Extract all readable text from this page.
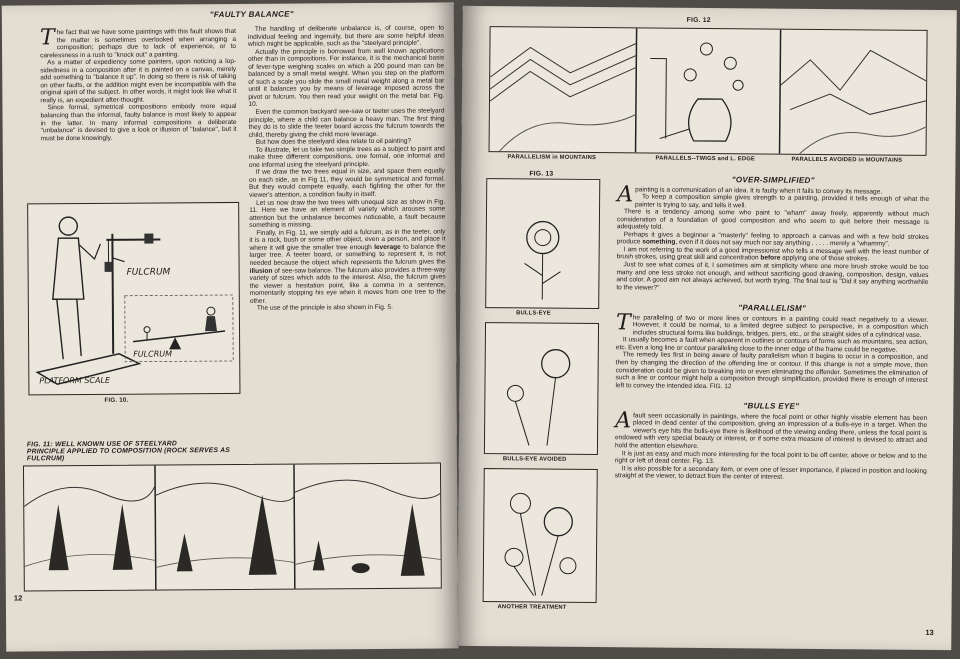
"FAULTY BALANCE"

The fact that we have some paintings with this fault shows that the matter is sometimes overlooked when arranging a composition; perhaps due to lack of experience, or to carelessness in a rush to "knock out" a painting.

As a matter of expediency some painters, upon noticing a lop-sidedness in a composition after it is painted on a canvas, merely add something to "balance it up". In doing so there is risk of taking on other faults, or the addition might even be incompatible with the original spirit of the subject. In other words, it might look like what it really is, an expedient after-thought.

Since formal, symetrical compositions embody more equal balancing than the informal, faulty balance is most likely to appear in the latter. In many informal compositions a deliberate "unbalance" is devised to give a look or illusion of "balance", but it must be done knowingly.

The handling of deliberate unbalance is, of course, open to individual feeling and ingenuity, but there are some helpful ideas which might be applicable, such as the "steelyard principle".

Actually the principle is borrowed from well known applications other than in compositions. For instance, it is the mechanical basis of lever-type weighing scales on which a 200 pound man can be balanced by a small metal weight. When you step on the platform of such a scale you slide the small metal weight along a metal bar until it balances you by means of leverage imposed across the pivot or fulcrum. You then read your weight on the metal bar. Fig. 10.

Even the common backyard see-saw or teeter uses the steelyard principle, where a child can balance a heavy man. The first thing they do is to slide the teeter board across the fulcrum towards the child, thereby giving the child more leverage.

But how does the steelyard idea relate to oil painting?

To illustrate, let us take two simple trees as a subject to paint and make three different compositions, one formal, one informal and one informal using the steelyard principle.

If we draw the two trees equal in size, and space them equally on each side, as in Fig 11, they would be symmetrical and formal. But they would compete equally, each fighting the other for the viewer's attention, a condition faulty in itself.

Let us now draw the two trees with unequal size as show in Fig. 11. Here we have an element of variety which arouses some attention but the unbalance becomes noticeable, a fault because something is missing.

Finally, in Fig. 11, we simply add a fulcrum, as in the teeter, only it is a rock, bush or some other object, even a person, and place it where it will give the smaller tree enough leverage to balance the larger tree. A teeter board, or something to represent it, is not needed because the object which represents the fulcrum gives the illusion of see-saw balance. The fulcrum also provides a three-way variety of sizes which adds to the interest. Also, the fulcrum gives the viewer a hesitation point, like a comma in a sentence, momentarily stopping his eye when it moves from one tree to the other.

The use of the principle is also shown in Fig. 5.

FULCRUM
FULCRUM
PLATFORM SCALE
FIG. 10.
FIG. 11: WELL KNOWN USE OF STEELYARD
PRINCIPLE APPLIED TO COMPOSITION (ROCK SERVES AS FULCRUM)
12
FIG. 12
PARALLELISM in MOUNTAINS	PARALLELS--TWIGS and L. EDGE	PARALLELS AVOIDED in MOUNTAINS
FIG. 13
BULLS-EYE
BULLS-EYE AVOIDED
ANOTHER TREATMENT
"OVER-SIMPLIFIED"

A painting is a communication of an idea. It is faulty when it fails to convey its message.

To keep a composition simple gives strength to a painting, provided it tells enough of what the painter is trying to say, and tells it well.

There is a tendency among some who paint to "wham" away freely, apparently without much consideration of a foundation of good composition and who seem to quit before their message is adequately told.

Perhaps it gives a beginner a "masterly" feeling to approach a canvas and with a few bold strokes produce something, even if it does not say much nor say anything . . . . . merely a "whammy".

I am not referring to the work of a good impressionist who tells a message well with the least number of brush strokes, using great skill and concentration before applying one of those strokes.

Just to see what comes of it, I sometimes aim at simplicity where one more brush stroke would be too many and one less stroke not enough, and without sacrificing good drawing, composition, design, values and color. A good aim not always achieved, but worth trying. The final test is "Did it say anything worthwhile to the viewer?"

"PARALLELISM"

The paralleling of two or more lines or contours in a painting could react negatively to a viewer. However, it could be normal, to a limited degree subject to perspective, in a composition which includes structural forms like buildings, bridges, piers, etc., or the straight sides of a cylindrical vase.

It usually becomes a fault when apparent in outlines or contours of forms such as mountains, sea action, etc. Even a long line or contour paralleling close to the inner edge of the frame could be negative.

The remedy lies first in being aware of faulty parallelism when it begins to occur in a composition, and then by changing the direction of the offending line or contour. If this change is not a simple move, then consideration could be given to breaking into or even eliminating the offender. Sometimes the elimination of such a line or contour might help a composition through simplification, provided there is enough of interest left to convey the intended idea. FIG. 12

"BULLS EYE"

A fault seen occasionally in paintings, where the focal point or other highly visable element has been placed in dead center of the composition, giving an impression of a bulls-eye in a target. When the viewer's eye hits the bulls-eye there is likelihood of the viewing ending there, unless the focal point is endowed with very special beauty or interest, or if some extra measure of interest is devised to attract and hold the attention elsewhere.

It is just as easy and much more interesting for the focal point to be off center, above or below and to the right or left of dead center. Fig. 13.

It is also possible for a secondary item, or even one of lesser importance, if placed in position and looking straight at the viewer, to detract from the center of interest.

13
